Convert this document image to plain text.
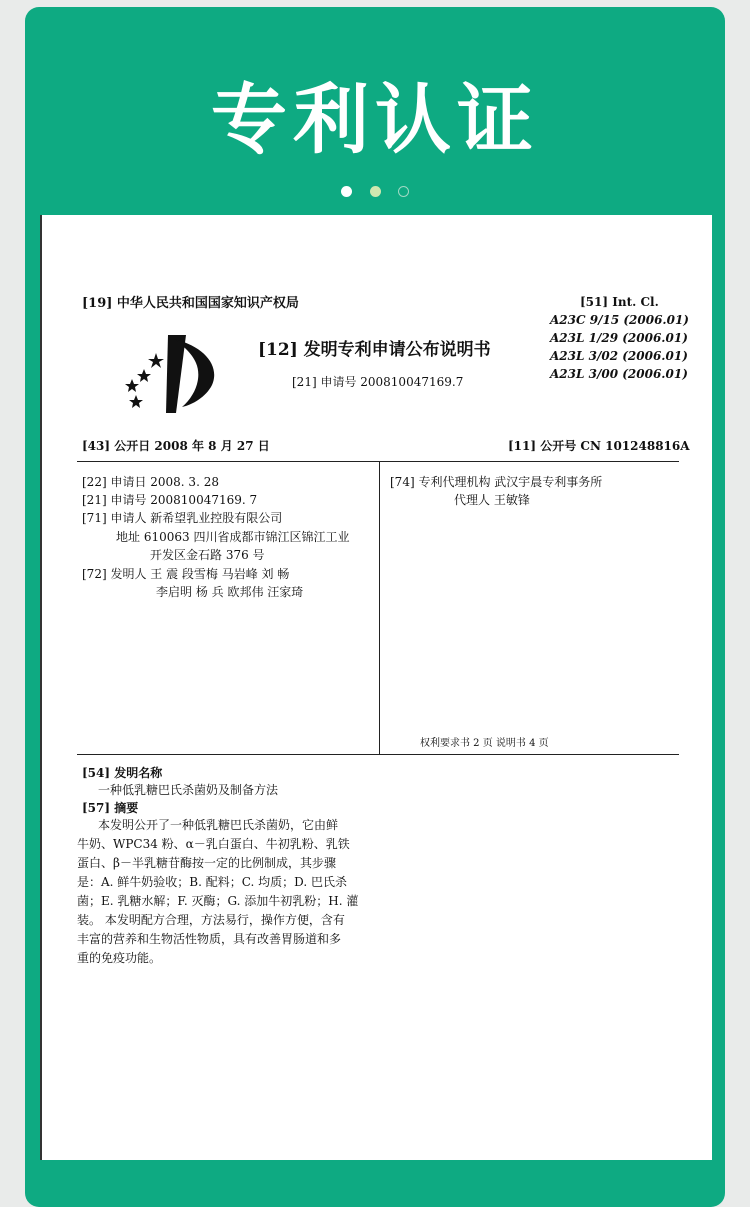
专利认证

[19] 中华人民共和国国家知识产权局
[12] 发明专利申请公布说明书
[21] 申请号 200810047169.7
[51] Int. Cl.
A23C 9/15 (2006.01)
A23L 1/29 (2006.01)
A23L 3/02 (2006.01)
A23L 3/00 (2006.01)
[43] 公开日 2008 年 8 月 27 日	[11] 公开号 CN 101248816A
[22] 申请日 2008. 3. 28
[21] 申请号 200810047169. 7
[71] 申请人 新希望乳业控股有限公司
地址 610063 四川省成都市锦江区锦江工业
开发区金石路 376 号
[72] 发明人 王 震 段雪梅 马岩峰 刘 畅
李启明 杨 兵 欧邦伟 汪家琦
[74] 专利代理机构 武汉宇晨专利事务所
代理人 王敏锋
权利要求书 2 页 说明书 4 页
[54] 发明名称
一种低乳糖巴氏杀菌奶及制备方法
[57] 摘要
本发明公开了一种低乳糖巴氏杀菌奶，它由鲜
牛奶、WPC34 粉、α－乳白蛋白、牛初乳粉、乳铁
蛋白、β－半乳糖苷酶按一定的比例制成，其步骤
是：A. 鲜牛奶验收；B. 配料；C. 均质；D. 巴氏杀
菌；E. 乳糖水解；F. 灭酶；G. 添加牛初乳粉；H. 灌
装。 本发明配方合理，方法易行，操作方便，含有
丰富的营养和生物活性物质，具有改善胃肠道和多
重的免疫功能。
